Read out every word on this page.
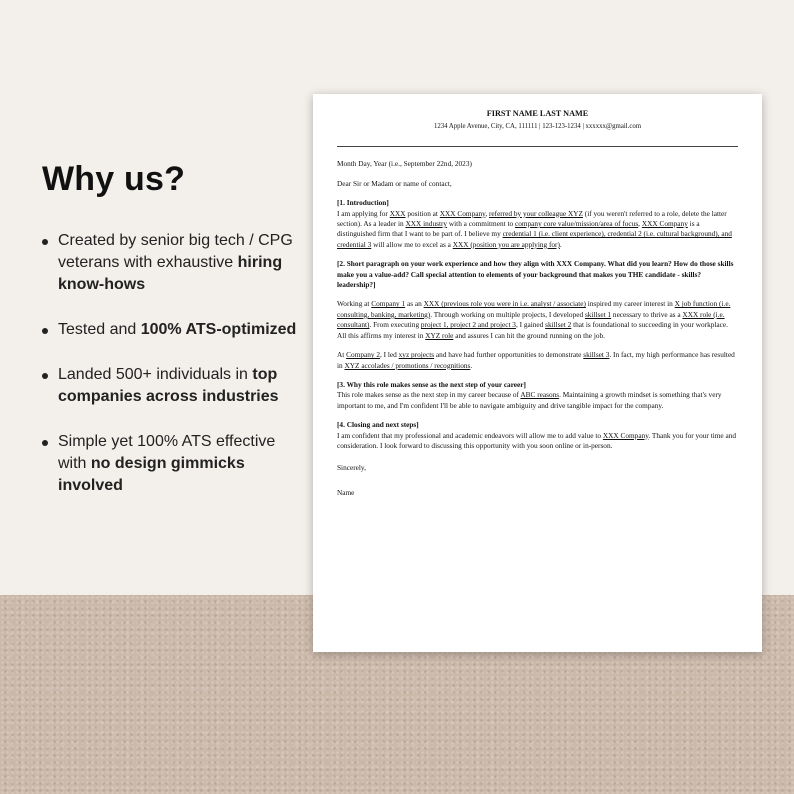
Why us?
Created by senior big tech / CPG veterans with exhaustive hiring know-hows
Tested and 100% ATS-optimized
Landed 500+ individuals in top companies across industries
Simple yet 100% ATS effective with no design gimmicks involved

FIRST NAME LAST NAME

1234 Apple Avenue, City, CA, 111111 | 123-123-1234 | xxxxxx@gmail.com

Month Day, Year (i.e., September 22nd, 2023)

Dear Sir or Madam or name of contact,

[1. Introduction]
I am applying for XXX position at XXX Company, referred by your colleague XYZ (if you weren't referred to a role, delete the latter section). As a leader in XXX industry with a commitment to company core value/mission/area of focus, XXX Company is a distinguished firm that I want to be part of. I believe my credential 1 (i.e. client experience), credential 2 (i.e. cultural background), and credential 3 will allow me to excel as a XXX (position you are applying for).

[2. Short paragraph on your work experience and how they align with XXX Company. What did you learn? How do those skills make you a value-add? Call special attention to elements of your background that makes you THE candidate - skills? leadership?]

Working at Company 1 as an XXX (previous role you were in i.e. analyst / associate) inspired my career interest in X job function (i.e. consulting, banking, marketing). Through working on multiple projects, I developed skillset 1 necessary to thrive as a XXX role (i.e. consultant). From executing project 1, project 2 and project 3, I gained skillset 2 that is foundational to succeeding in your workplace. All this affirms my interest in XYZ role and assures I can hit the ground running on the job.

At Company 2, I led xyz projects and have had further opportunities to demonstrate skillset 3. In fact, my high performance has resulted in XYZ accolades / promotions / recognitions.

[3. Why this role makes sense as the next step of your career]
This role makes sense as the next step in my career because of ABC reasons. Maintaining a growth mindset is something that's very important to me, and I'm confident I'll be able to navigate ambiguity and drive tangible impact for the company.

[4. Closing and next steps]
I am confident that my professional and academic endeavors will allow me to add value to XXX Company. Thank you for your time and consideration. I look forward to discussing this opportunity with you soon online or in-person.

Sincerely,

Name
